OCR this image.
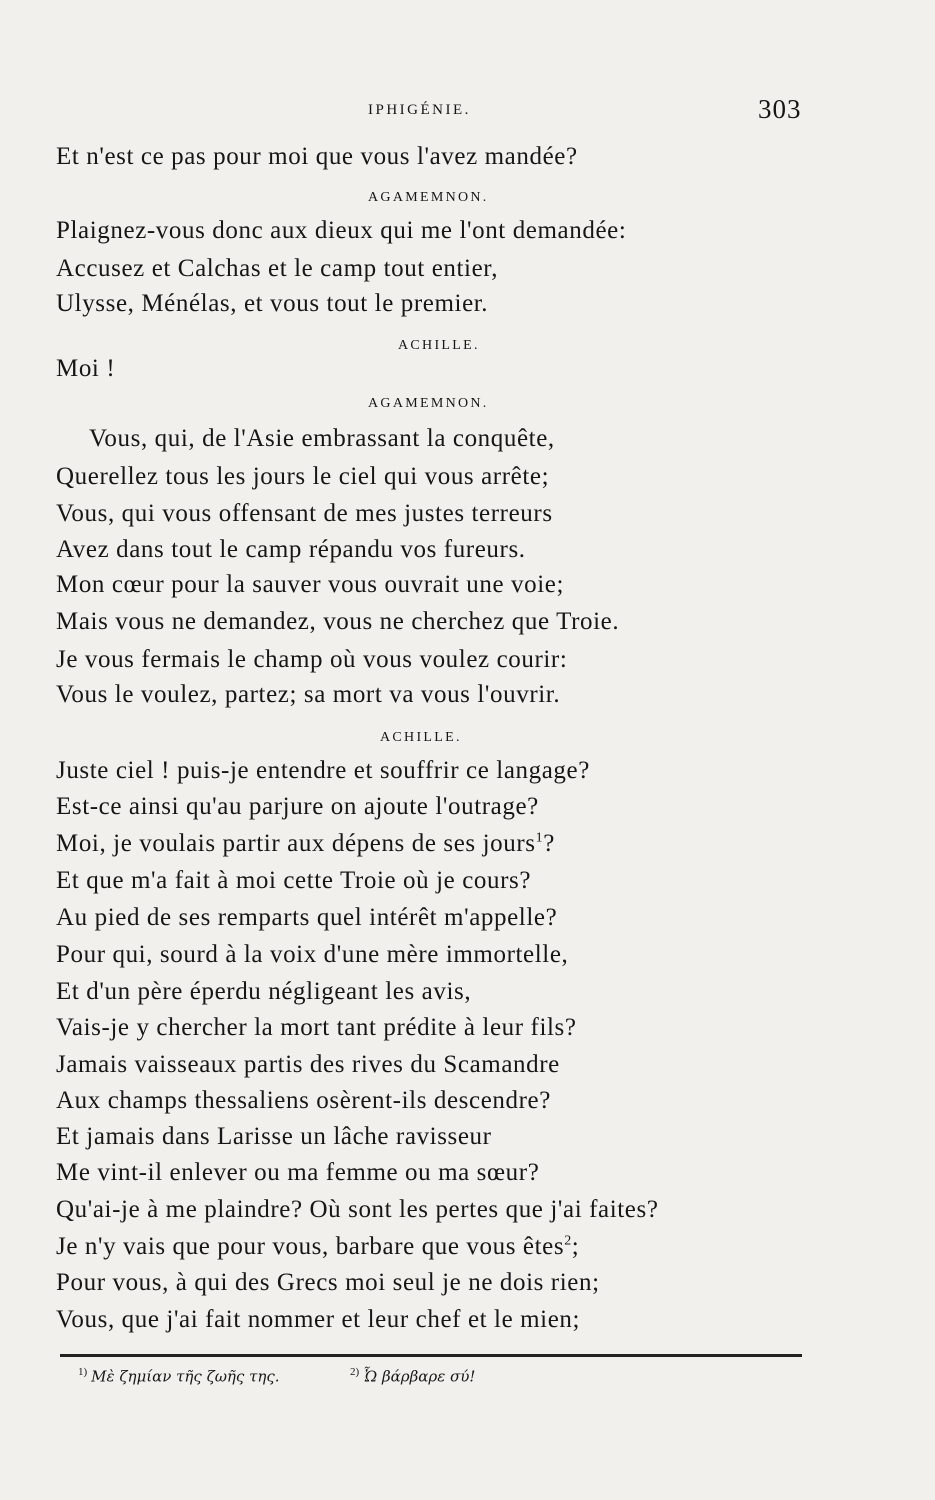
IPHIGÉNIE.	303
Et n'est ce pas pour moi que vous l'avez mandée?
AGAMEMNON.
Plaignez-vous donc aux dieux qui me l'ont demandée:
Accusez et Calchas et le camp tout entier,
Ulysse, Ménélas, et vous tout le premier.
ACHILLE.
Moi !
AGAMEMNON.
Vous, qui, de l'Asie embrassant la conquête,
Querellez tous les jours le ciel qui vous arrête;
Vous, qui vous offensant de mes justes terreurs
Avez dans tout le camp répandu vos fureurs.
Mon cœur pour la sauver vous ouvrait une voie;
Mais vous ne demandez, vous ne cherchez que Troie.
Je vous fermais le champ où vous voulez courir:
Vous le voulez, partez; sa mort va vous l'ouvrir.
ACHILLE.
Juste ciel ! puis-je entendre et souffrir ce langage?
Est-ce ainsi qu'au parjure on ajoute l'outrage?
Moi, je voulais partir aux dépens de ses jours$^1$?
Et que m'a fait à moi cette Troie où je cours?
Au pied de ses remparts quel intérêt m'appelle?
Pour qui, sourd à la voix d'une mère immortelle,
Et d'un père éperdu négligeant les avis,
Vais-je y chercher la mort tant prédite à leur fils?
Jamais vaisseaux partis des rives du Scamandre
Aux champs thessaliens osèrent-ils descendre?
Et jamais dans Larisse un lâche ravisseur
Me vint-il enlever ou ma femme ou ma sœur?
Qu'ai-je à me plaindre? Où sont les pertes que j'ai faites?
Je n'y vais que pour vous, barbare que vous êtes$^2$;
Pour vous, à qui des Grecs moi seul je ne dois rien;
Vous, que j'ai fait nommer et leur chef et le mien;
$^{1)}$ Μὲ ζημίαν τῆς ζωῆς της.	$^{2)}$ Ὦ βάρβαρε σύ!
